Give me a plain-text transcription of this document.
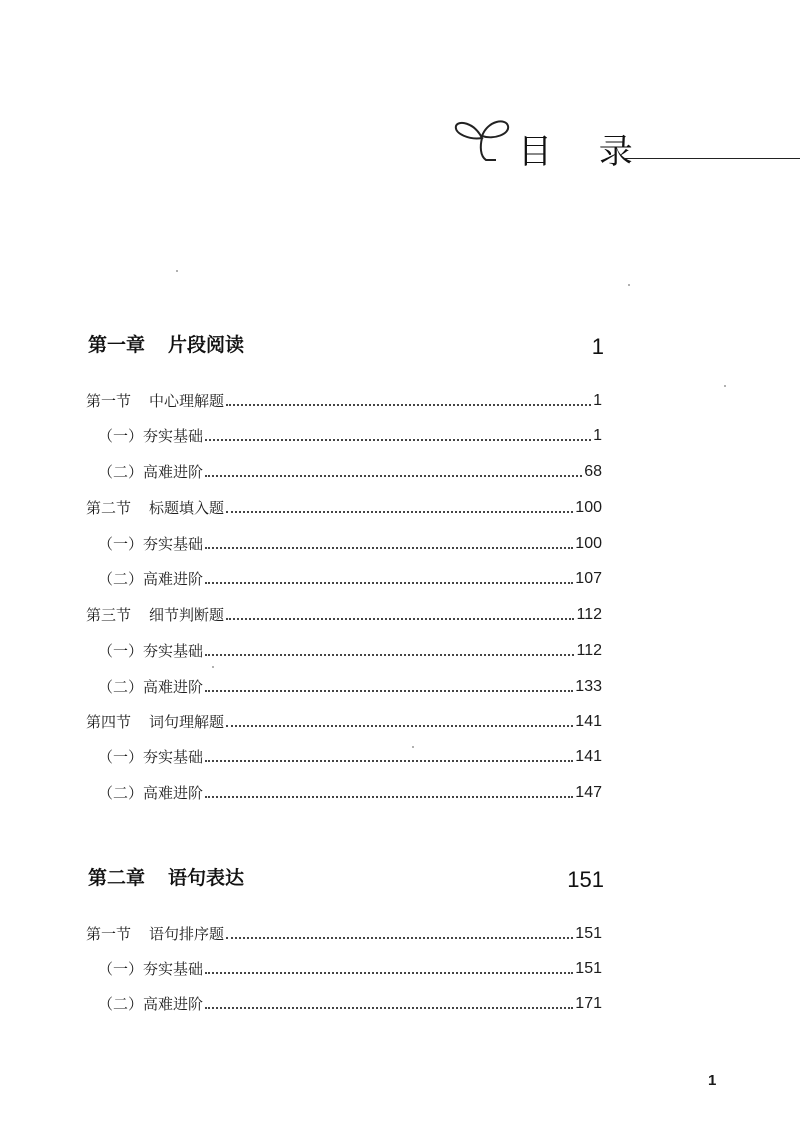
目 录
第一章 片段阅读	1
第一节 中心理解题	1
（一）夯实基础	1
（二）高难进阶	68
第二节 标题填入题	100
（一）夯实基础	100
（二）高难进阶	107
第三节 细节判断题	112
（一）夯实基础	112
（二）高难进阶	133
第四节 词句理解题	141
（一）夯实基础	141
（二）高难进阶	147
第二章 语句表达	151
第一节 语句排序题	151
（一）夯实基础	151
（二）高难进阶	171
1
